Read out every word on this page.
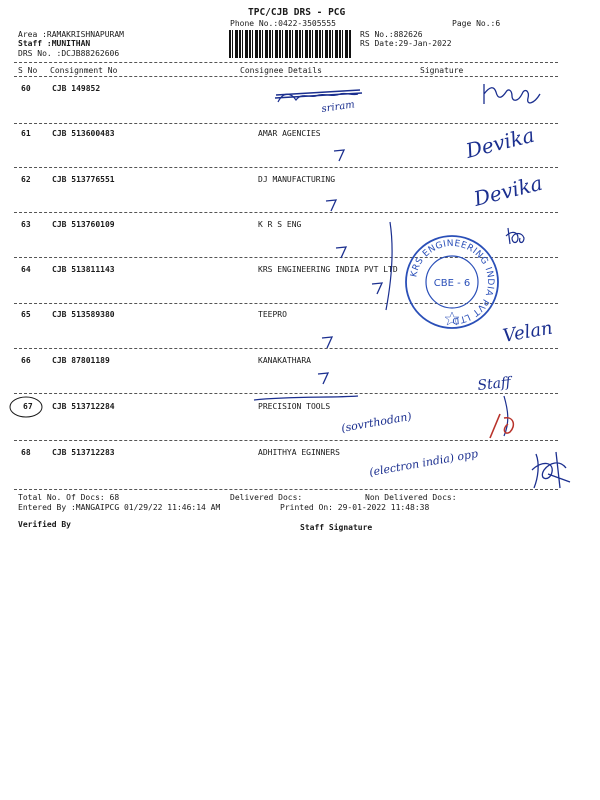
TPC/CJB DRS - PCG
Phone No.:0422-3505555	Page No.:6
Area :RAMAKRISHNAPURAM
Staff :MUNITHAN
DRS No. :DCJB88262606
RS No.:882626
RS Date:29-Jan-2022
S No Consignment No	Consignee Details	Signature
60	CJB 149852
61	CJB 513600483	AMAR AGENCIES
62	CJB 513776551	DJ MANUFACTURING
63	CJB 513760109	K R S ENG
64	CJB 513811143	KRS ENGINEERING INDIA PVT LTD
65	CJB 513589380	TEEPRO
66	CJB 87801189	KANAKATHARA
67 CJB 513712284	PRECISION TOOLS
68	CJB 513712283	ADHITHYA EGINNERS
Total No. Of Docs: 68	Delivered Docs:	Non Delivered Docs:
Entered By :MANGAIPCG 01/29/22 11:46:14 AM	Printed On: 29-01-2022 11:48:38
Verified By	Staff Signature
sriram
Devika
Devika
KRS ENGINEERING INDIA PVT LTD
CBE - 6
Velan
Staff
(sovrthodan)
(electron india) opp
